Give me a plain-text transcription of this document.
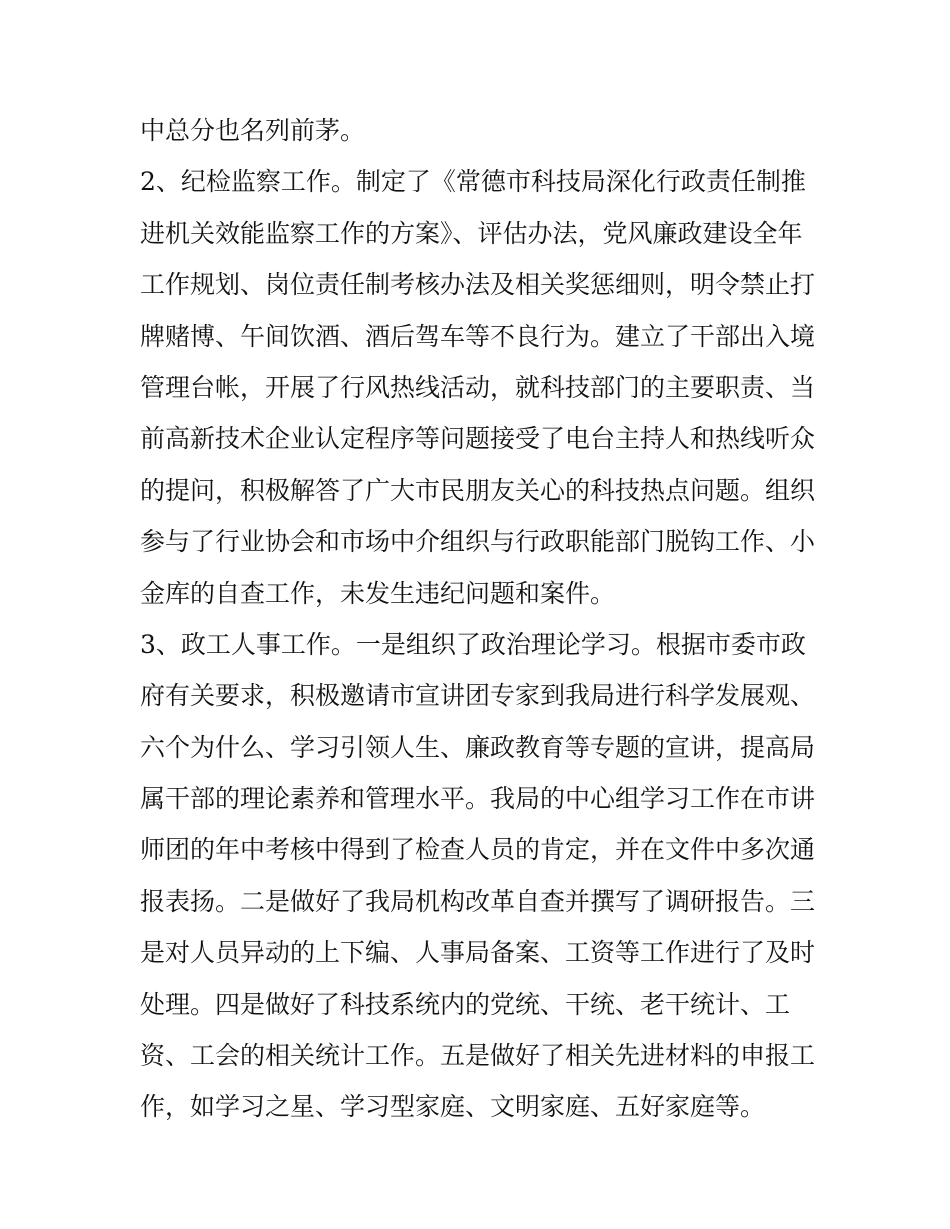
中总分也名列前茅。
2、纪检监察工作。制定了《常德市科技局深化行政责任制推
进机关效能监察工作的方案》、评估办法，党风廉政建设全年
工作规划、岗位责任制考核办法及相关奖惩细则，明令禁止打
牌赌博、午间饮酒、酒后驾车等不良行为。建立了干部出入境
管理台帐，开展了行风热线活动，就科技部门的主要职责、当
前高新技术企业认定程序等问题接受了电台主持人和热线听众
的提问，积极解答了广大市民朋友关心的科技热点问题。组织
参与了行业协会和市场中介组织与行政职能部门脱钩工作、小
金库的自查工作，未发生违纪问题和案件。
3、政工人事工作。一是组织了政治理论学习。根据市委市政
府有关要求，积极邀请市宣讲团专家到我局进行科学发展观、
六个为什么、学习引领人生、廉政教育等专题的宣讲，提高局
属干部的理论素养和管理水平。我局的中心组学习工作在市讲
师团的年中考核中得到了检查人员的肯定，并在文件中多次通
报表扬。二是做好了我局机构改革自查并撰写了调研报告。三
是对人员异动的上下编、人事局备案、工资等工作进行了及时
处理。四是做好了科技系统内的党统、干统、老干统计、工
资、工会的相关统计工作。五是做好了相关先进材料的申报工
作，如学习之星、学习型家庭、文明家庭、五好家庭等。
